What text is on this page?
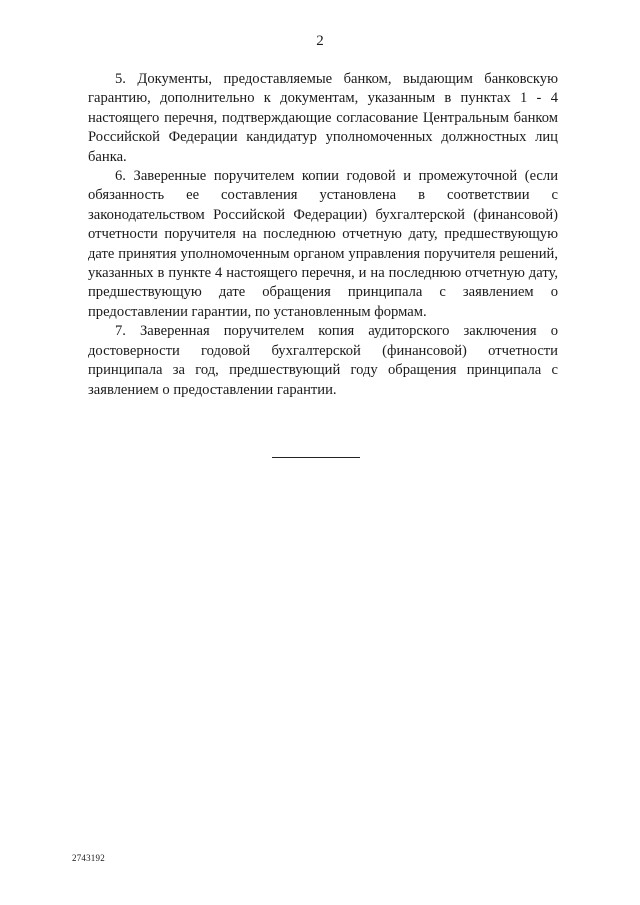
2

5. Документы, предоставляемые банком, выдающим банковскую гарантию, дополнительно к документам, указанным в пунктах 1 - 4 настоящего перечня, подтверждающие согласование Центральным банком Российской Федерации кандидатур уполномоченных должностных лиц банка.

6. Заверенные поручителем копии годовой и промежуточной (если обязанность ее составления установлена в соответствии с законодательством Российской Федерации) бухгалтерской (финансовой) отчетности поручителя на последнюю отчетную дату, предшествующую дате принятия уполномоченным органом управления поручителя решений, указанных в пункте 4 настоящего перечня, и на последнюю отчетную дату, предшествующую дате обращения принципала с заявлением о предоставлении гарантии, по установленным формам.

7. Заверенная поручителем копия аудиторского заключения о достоверности годовой бухгалтерской (финансовой) отчетности принципала за год, предшествующий году обращения принципала с заявлением о предоставлении гарантии.

2743192
